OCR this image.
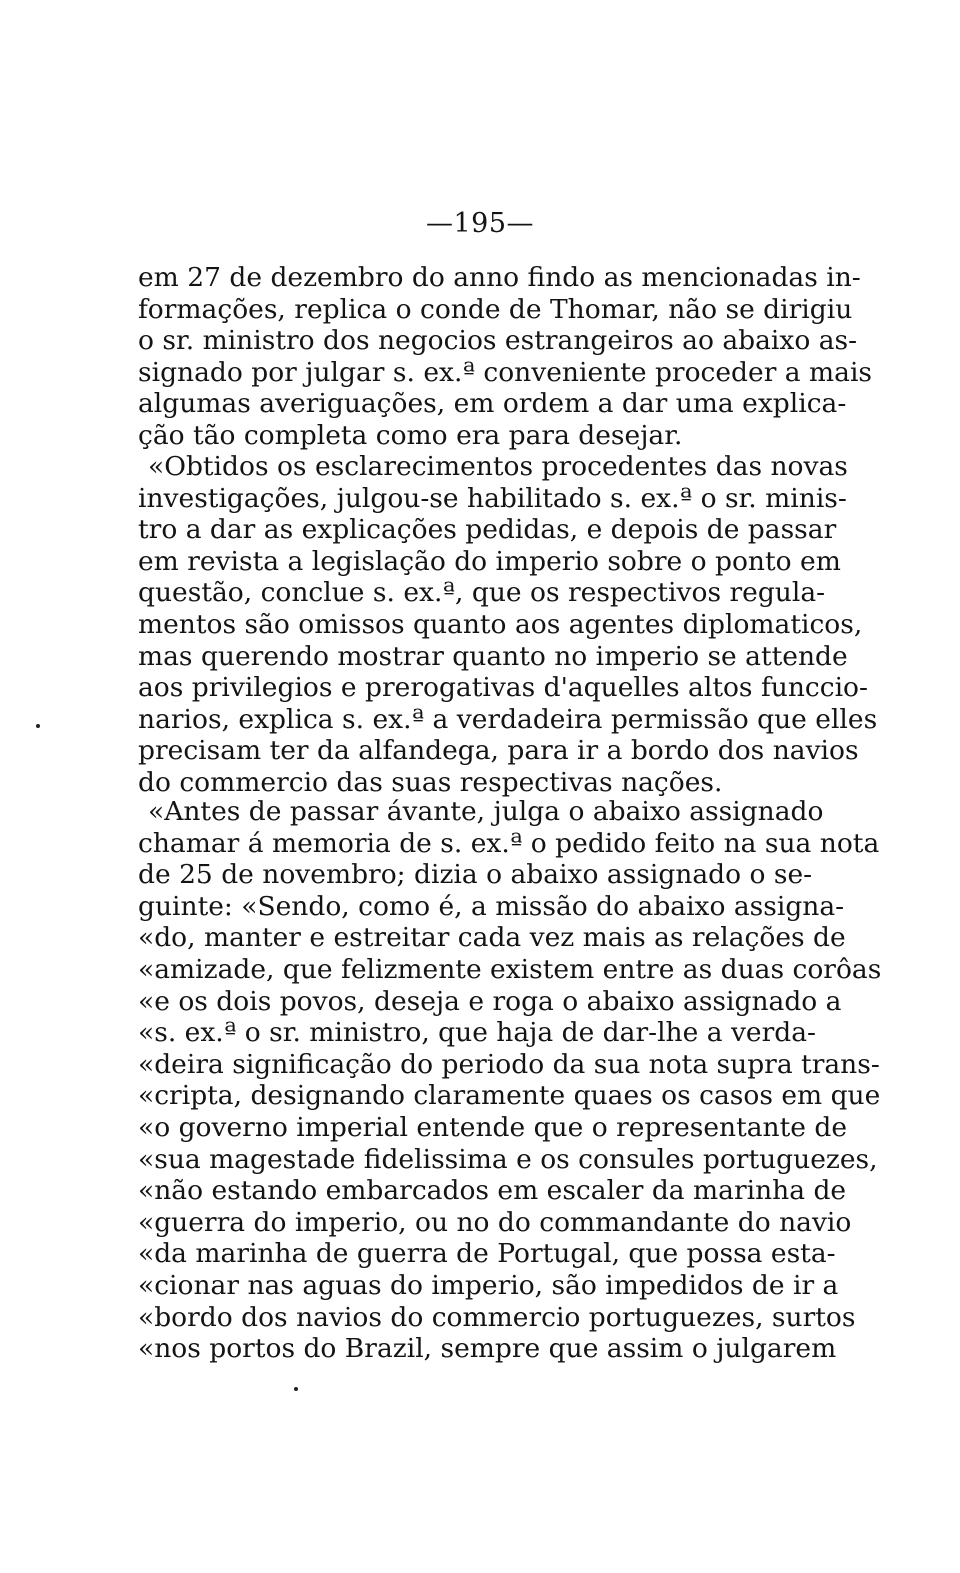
—195—
em 27 de dezembro do anno findo as mencionadas in-
formações, replica o conde de Thomar, não se dirigiu
o sr. ministro dos negocios estrangeiros ao abaixo as-
signado por julgar s. ex.ª conveniente proceder a mais
algumas averiguações, em ordem a dar uma explica-
ção tão completa como era para desejar.
«Obtidos os esclarecimentos procedentes das novas
investigações, julgou-se habilitado s. ex.ª o sr. minis-
tro a dar as explicações pedidas, e depois de passar
em revista a legislação do imperio sobre o ponto em
questão, conclue s. ex.ª, que os respectivos regula-
mentos são omissos quanto aos agentes diplomaticos,
mas querendo mostrar quanto no imperio se attende
aos privilegios e prerogativas d'aquelles altos funccio-
narios, explica s. ex.ª a verdadeira permissão que elles
precisam ter da alfandega, para ir a bordo dos navios
do commercio das suas respectivas nações.
«Antes de passar ávante, julga o abaixo assignado
chamar á memoria de s. ex.ª o pedido feito na sua nota
de 25 de novembro; dizia o abaixo assignado o se-
guinte: «Sendo, como é, a missão do abaixo assigna-
«do, manter e estreitar cada vez mais as relações de
«amizade, que felizmente existem entre as duas corôas
«e os dois povos, deseja e roga o abaixo assignado a
«s. ex.ª o sr. ministro, que haja de dar-lhe a verda-
«deira significação do periodo da sua nota supra trans-
«cripta, designando claramente quaes os casos em que
«o governo imperial entende que o representante de
«sua magestade fidelissima e os consules portuguezes,
«não estando embarcados em escaler da marinha de
«guerra do imperio, ou no do commandante do navio
«da marinha de guerra de Portugal, que possa esta-
«cionar nas aguas do imperio, são impedidos de ir a
«bordo dos navios do commercio portuguezes, surtos
«nos portos do Brazil, sempre que assim o julgarem
